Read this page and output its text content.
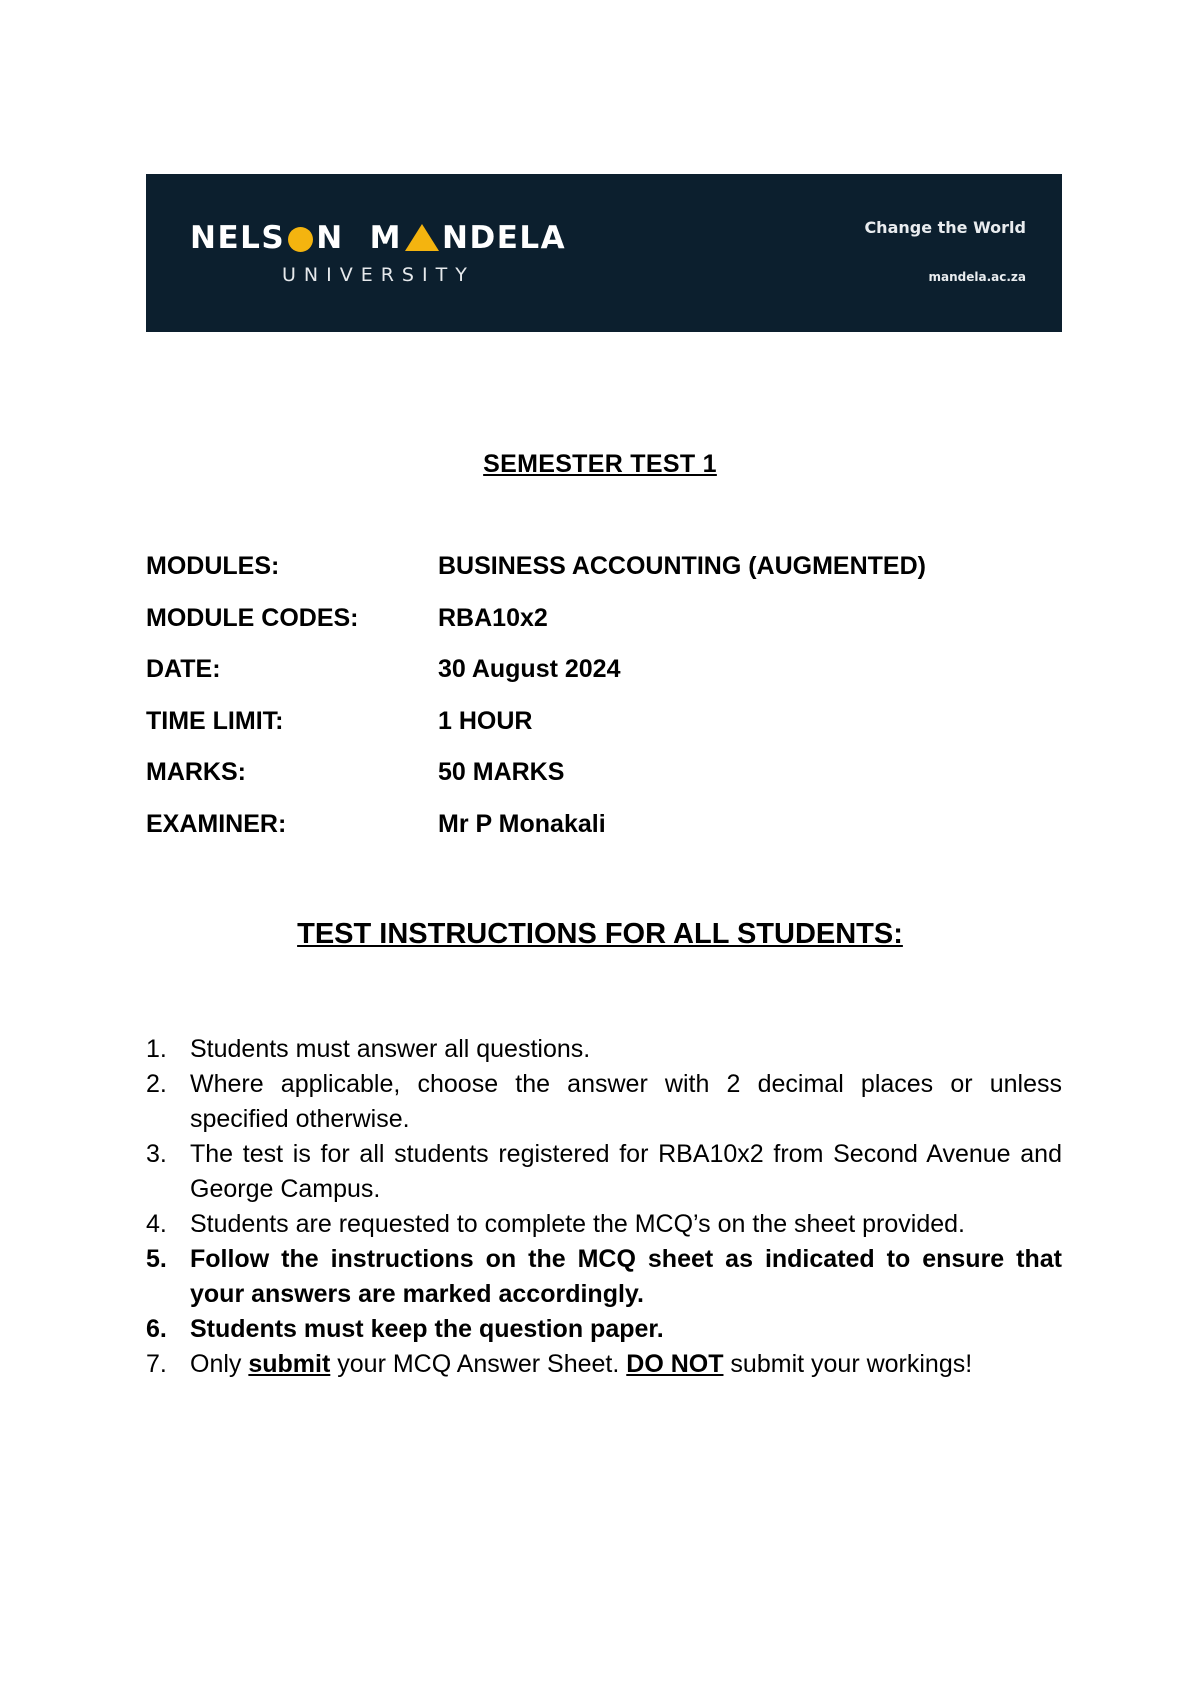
NELS N M NDELA
UNIVERSITY
Change the World
mandela.ac.za
SEMESTER TEST 1
MODULES:	BUSINESS ACCOUNTING (AUGMENTED)
MODULE CODES:	RBA10x2
DATE:	30 August 2024
TIME LIMIT:	1 HOUR
MARKS:	50 MARKS
EXAMINER:	Mr P Monakali
TEST INSTRUCTIONS FOR ALL STUDENTS:
1. Students must answer all questions.
2. Where applicable, choose the answer with 2 decimal places or unless specified otherwise.
3. The test is for all students registered for RBA10x2 from Second Avenue and George Campus.
4. Students are requested to complete the MCQ’s on the sheet provided.
5. Follow the instructions on the MCQ sheet as indicated to ensure that your answers are marked accordingly.
6. Students must keep the question paper.
7. Only submit your MCQ Answer Sheet. DO NOT submit your workings!
